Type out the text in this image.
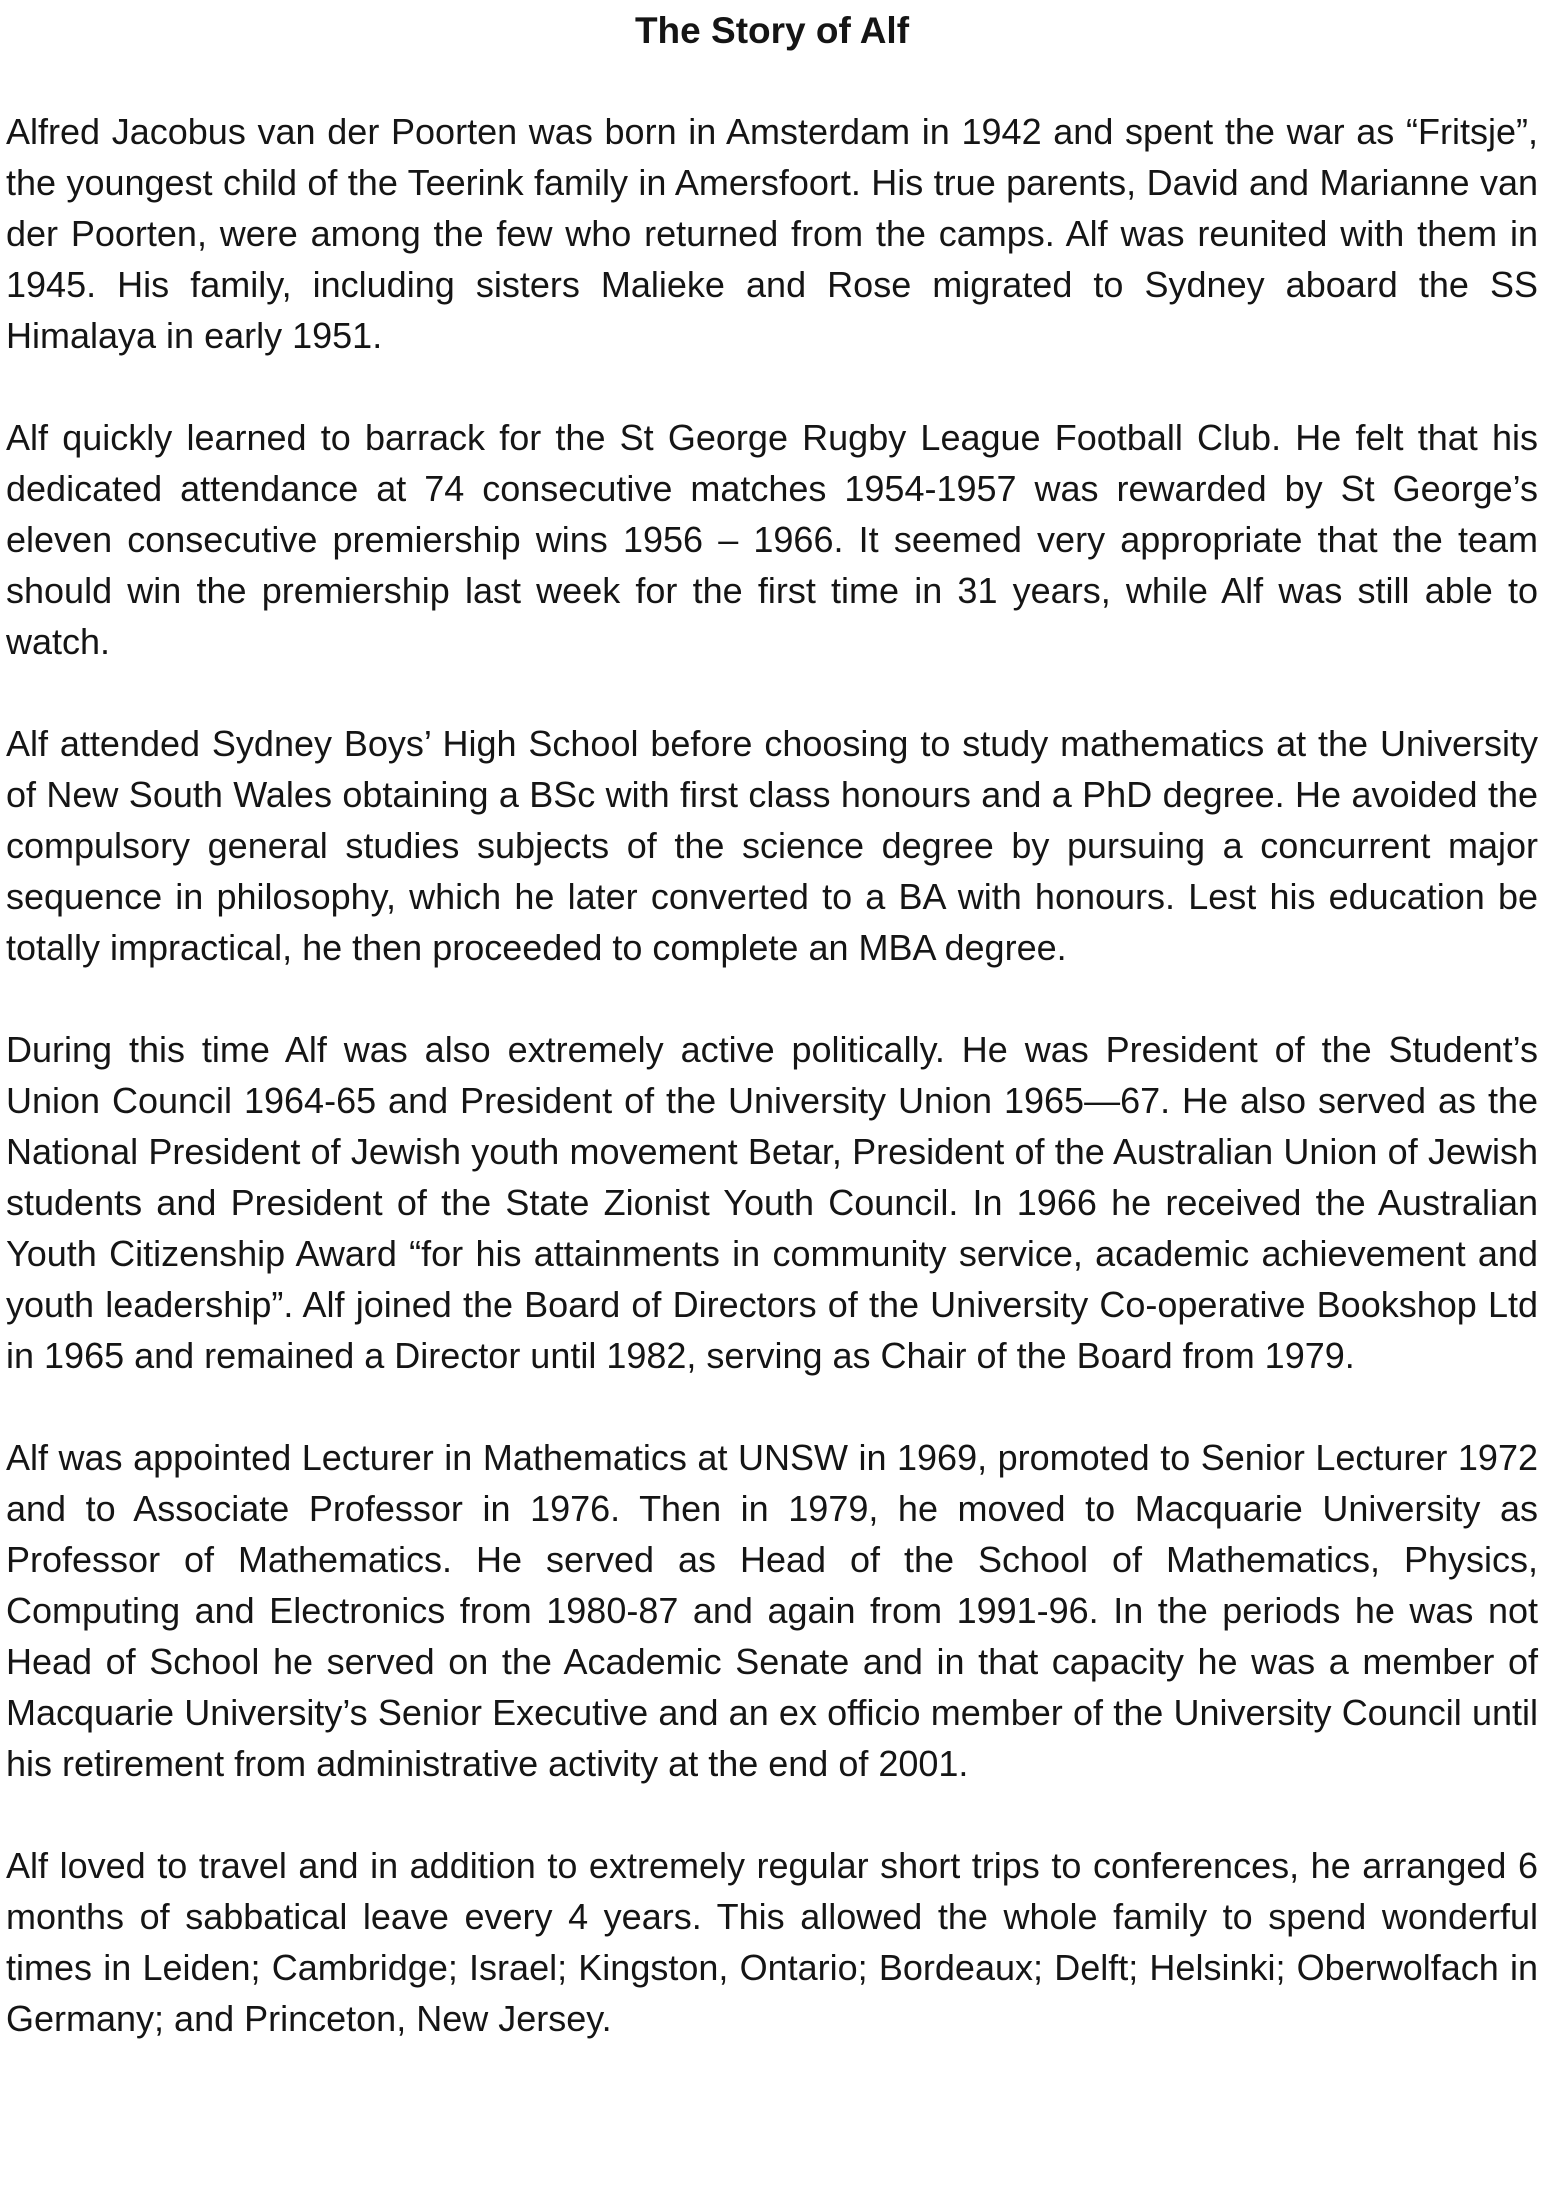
The Story of Alf

Alfred Jacobus van der Poorten was born in Amsterdam in 1942 and spent the war as “Fritsje”, the youngest child of the Teerink family in Amersfoort. His true parents, David and Marianne van der Poorten, were among the few who returned from the camps. Alf was reunited with them in 1945. His family, including sisters Malieke and Rose migrated to Sydney aboard the SS Himalaya in early 1951.

Alf quickly learned to barrack for the St George Rugby League Football Club. He felt that his dedicated attendance at 74 consecutive matches 1954-1957 was rewarded by St George’s eleven consecutive premiership wins 1956 – 1966. It seemed very appropriate that the team should win the premiership last week for the first time in 31 years, while Alf was still able to watch.

Alf attended Sydney Boys’ High School before choosing to study mathematics at the University of New South Wales obtaining a BSc with first class honours and a PhD degree. He avoided the compulsory general studies subjects of the science degree by pursuing a concurrent major sequence in philosophy, which he later converted to a BA with honours. Lest his education be totally impractical, he then proceeded to complete an MBA degree.

During this time Alf was also extremely active politically. He was President of the Student’s Union Council 1964-65 and President of the University Union 1965—67. He also served as the National President of Jewish youth movement Betar, President of the Australian Union of Jewish students and President of the State Zionist Youth Council. In 1966 he received the Australian Youth Citizenship Award “for his attainments in community service, academic achievement and youth leadership”. Alf joined the Board of Directors of the University Co-operative Bookshop Ltd in 1965 and remained a Director until 1982, serving as Chair of the Board from 1979.

Alf was appointed Lecturer in Mathematics at UNSW in 1969, promoted to Senior Lecturer 1972 and to Associate Professor in 1976. Then in 1979, he moved to Macquarie University as Professor of Mathematics. He served as Head of the School of Mathematics, Physics, Computing and Electronics from 1980-87 and again from 1991-96. In the periods he was not Head of School he served on the Academic Senate and in that capacity he was a member of Macquarie University’s Senior Executive and an ex officio member of the University Council until his retirement from administrative activity at the end of 2001.

Alf loved to travel and in addition to extremely regular short trips to conferences, he arranged 6 months of sabbatical leave every 4 years. This allowed the whole family to spend wonderful times in Leiden; Cambridge; Israel; Kingston, Ontario; Bordeaux; Delft; Helsinki; Oberwolfach in Germany; and Princeton, New Jersey.
